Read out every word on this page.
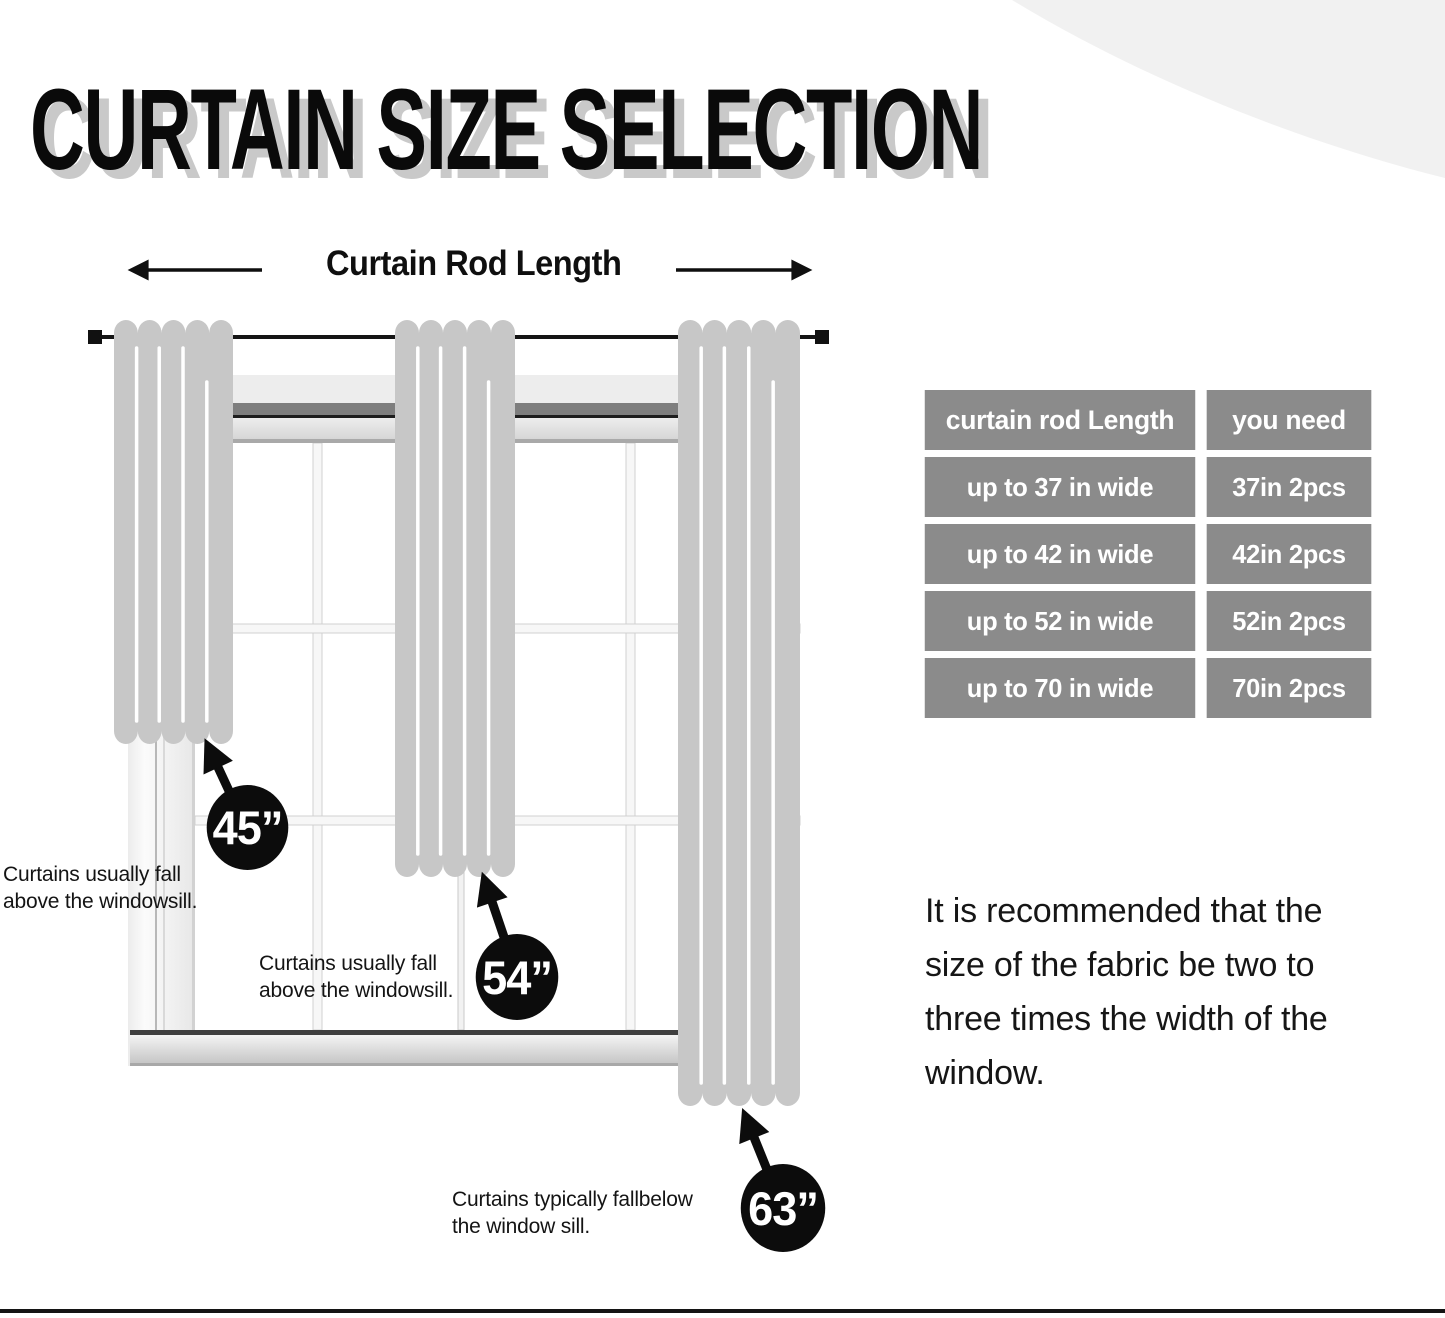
CURTAIN SIZE SELECTION
Curtain Rod Length
45”
54”
63”
Curtains usually fall
above the windowsill.
Curtains usually fall
above the windowsill.
Curtains typically fallbelow
the window sill.
curtain rod Length	you need
up to 37 in wide	37in 2pcs
up to 42 in wide	42in 2pcs
up to 52 in wide	52in 2pcs
up to 70 in wide	70in 2pcs
It is recommended that the size of the fabric be two to three times the width of the window.
